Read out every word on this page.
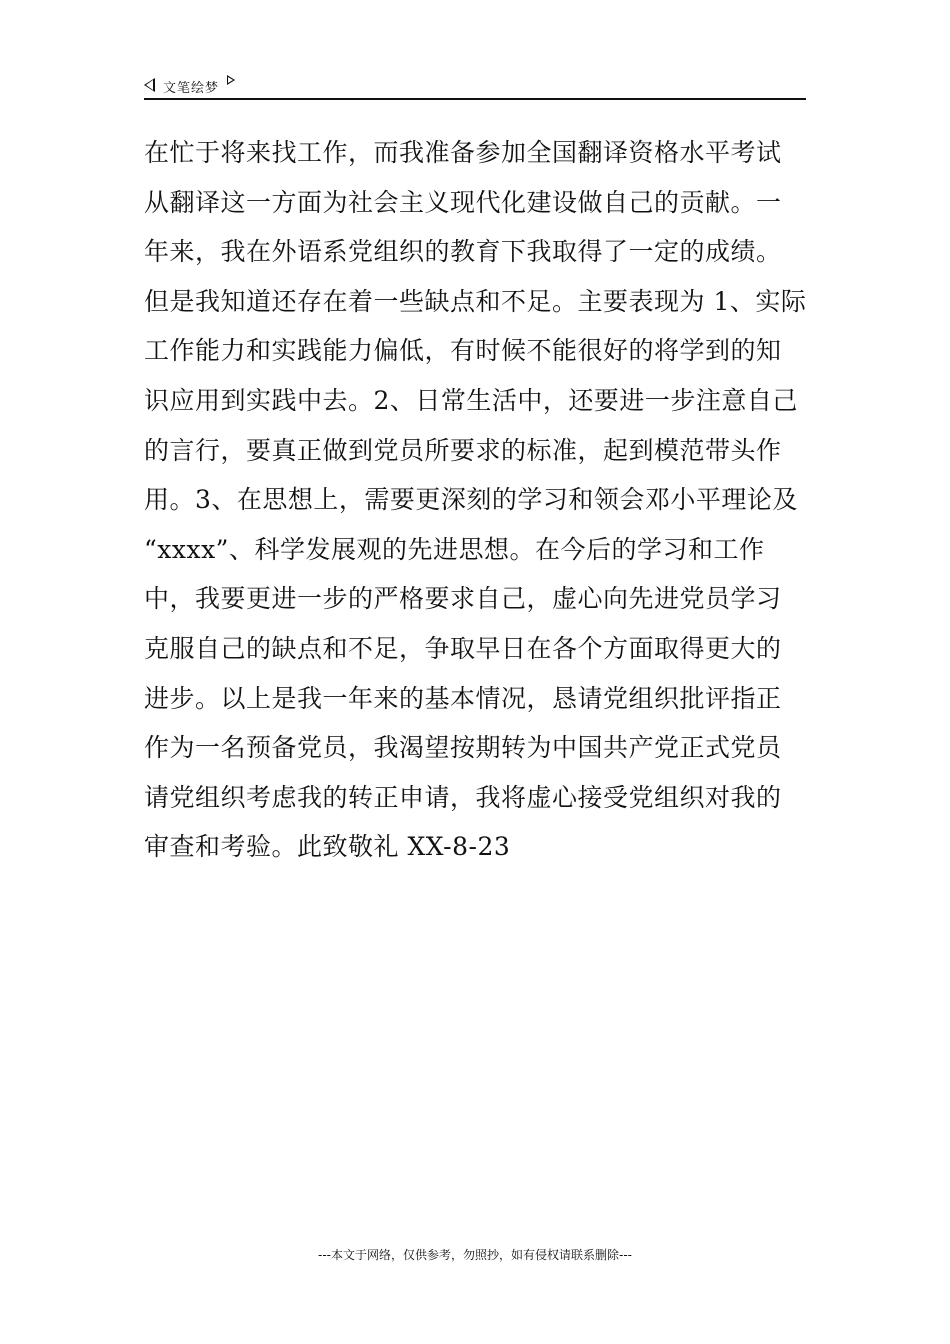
文笔绘梦
在忙于将来找工作，而我准备参加全国翻译资格水平考试
从翻译这一方面为社会主义现代化建设做自己的贡献。一
年来，我在外语系党组织的教育下我取得了一定的成绩。
但是我知道还存在着一些缺点和不足。主要表现为 1、实际
工作能力和实践能力偏低，有时候不能很好的将学到的知
识应用到实践中去。2、日常生活中，还要进一步注意自己
的言行，要真正做到党员所要求的标准，起到模范带头作
用。3、在思想上，需要更深刻的学习和领会邓小平理论及
“xxxx”、科学发展观的先进思想。在今后的学习和工作
中，我要更进一步的严格要求自己，虚心向先进党员学习
克服自己的缺点和不足，争取早日在各个方面取得更大的
进步。以上是我一年来的基本情况，恳请党组织批评指正
作为一名预备党员，我渴望按期转为中国共产党正式党员
请党组织考虑我的转正申请，我将虚心接受党组织对我的
审查和考验。此致敬礼 XX-8-23
---本文于网络，仅供参考，勿照抄，如有侵权请联系删除---
